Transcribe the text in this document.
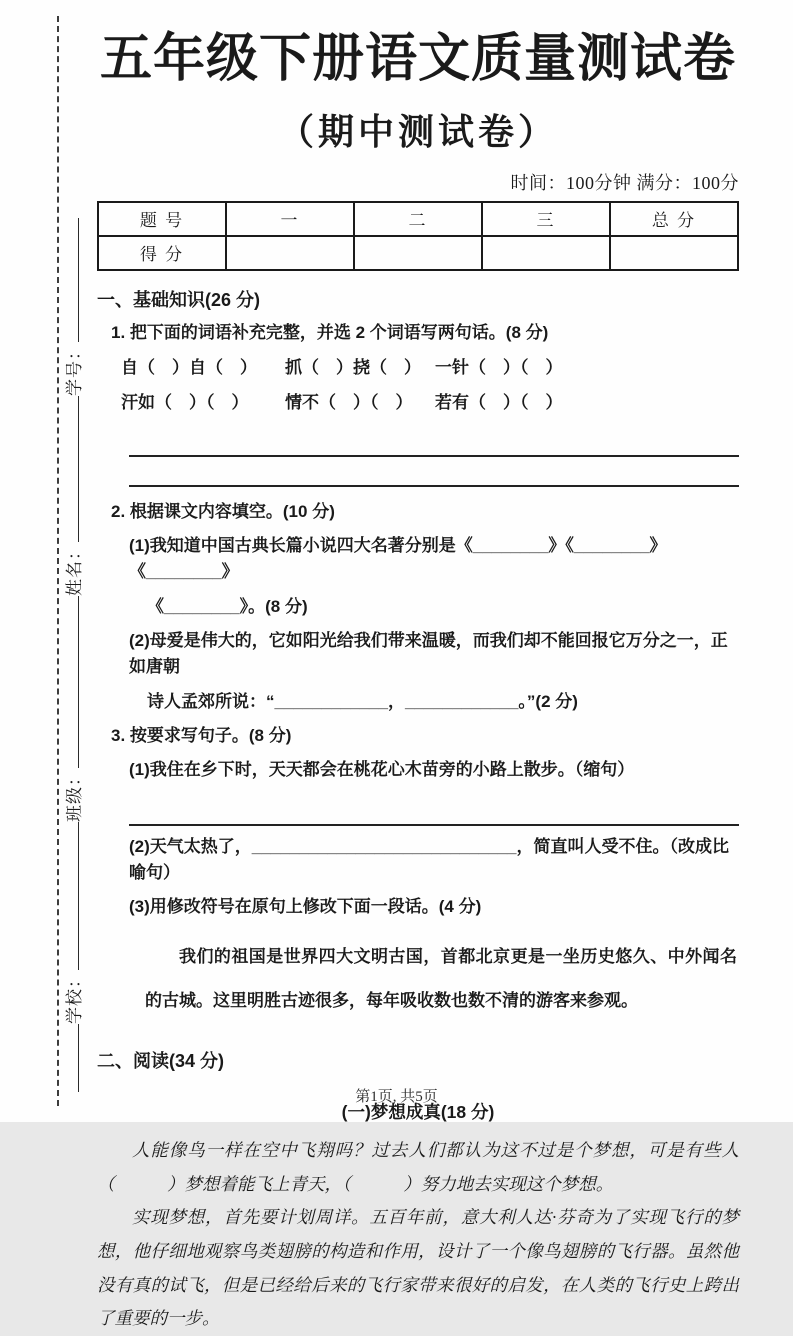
学校：
班级：
姓名：
学号：
五年级下册语文质量测试卷
（期中测试卷）
时间：100分钟 满分：100分
题 号	一	二	三	总 分
得 分				
一、基础知识(26 分)
1. 把下面的词语补充完整，并选 2 个词语写两句话。(8 分)
自（　）自（　）	抓（　）挠（　） 一针（　）（　）
汗如（　）（　）	情不（　）（　）	若有（　）（　）
2. 根据课文内容填空。(10 分)
(1)我知道中国古典长篇小说四大名著分别是《________》《________》《________》
《________》。(8 分)
(2)母爱是伟大的，它如阳光给我们带来温暖，而我们却不能回报它万分之一，正如唐朝
诗人孟郊所说：“____________，____________。”(2 分)
3. 按要求写句子。(8 分)
(1)我住在乡下时，天天都会在桃花心木苗旁的小路上散步。（缩句）
(2)天气太热了，____________________________，简直叫人受不住。（改成比喻句）
(3)用修改符号在原句上修改下面一段话。(4 分)
我们的祖国是世界四大文明古国，首都北京更是一坐历史悠久、中外闻名的古城。这里明胜古迹很多，每年吸收数也数不清的游客来参观。
二、阅读(34 分)
(一)梦想成真(18 分)

人能像鸟一样在空中飞翔吗？过去人们都认为这不过是个梦想，可是有些人（　　　）梦想着能飞上青天，（　　　）努力地去实现这个梦想。

实现梦想，首先要计划周详。五百年前，意大利人达·芬奇为了实现飞行的梦想，他仔细地观察鸟类翅膀的构造和作用，设计了一个像鸟翅膀的飞行器。虽然他没有真的试飞，但是已经给后来的飞行家带来很好的启发，在人类的飞行史上跨出了重要的一步。

第1页, 共5页
